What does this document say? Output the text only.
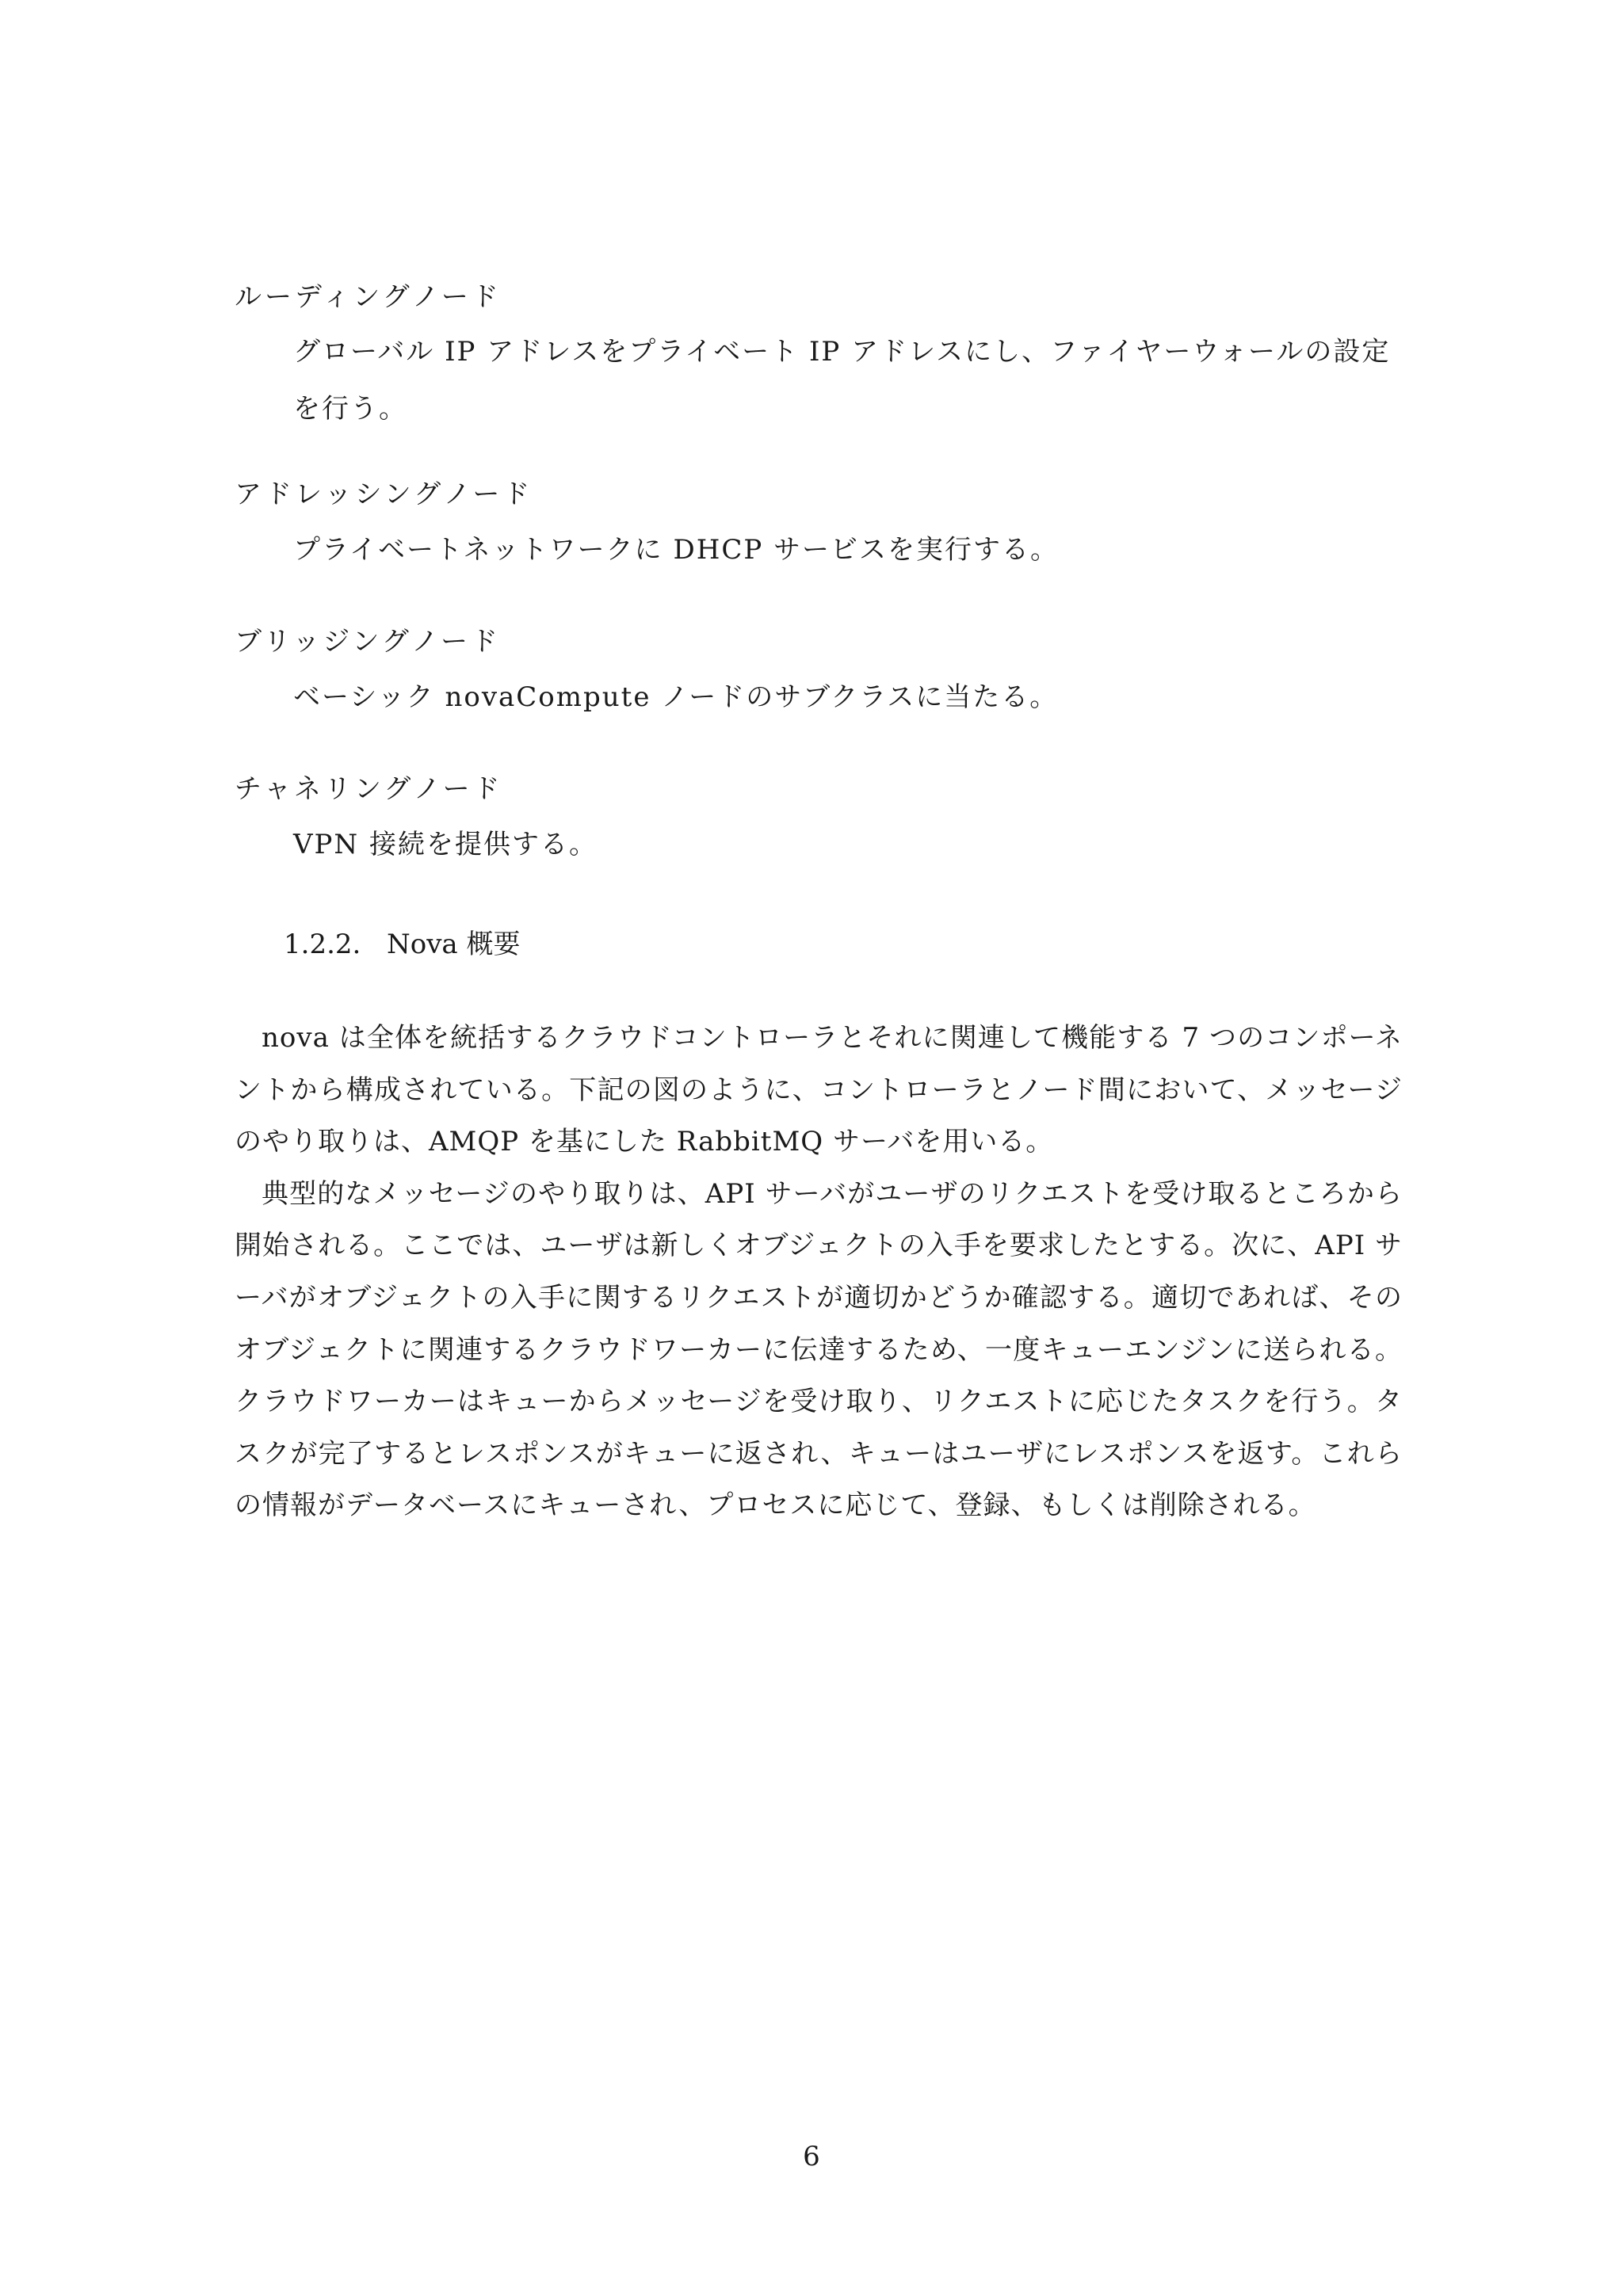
ルーディングノード
グローバル IP アドレスをプライベート IP アドレスにし、ファイヤーウォールの設定を行う。
アドレッシングノード
プライベートネットワークに DHCP サービスを実行する。
ブリッジングノード
ベーシック novaCompute ノードのサブクラスに当たる。
チャネリングノード
VPN 接続を提供する。
1.2.2. Nova 概要

nova は全体を統括するクラウドコントローラとそれに関連して機能する 7 つのコンポーネントから構成されている。下記の図のように、コントローラとノード間において、メッセージのやり取りは、AMQP を基にした RabbitMQ サーバを用いる。

典型的なメッセージのやり取りは、API サーバがユーザのリクエストを受け取るところから開始される。ここでは、ユーザは新しくオブジェクトの入手を要求したとする。次に、API サーバがオブジェクトの入手に関するリクエストが適切かどうか確認する。適切であれば、そのオブジェクトに関連するクラウドワーカーに伝達するため、一度キューエンジンに送られる。クラウドワーカーはキューからメッセージを受け取り、リクエストに応じたタスクを行う。タスクが完了するとレスポンスがキューに返され、キューはユーザにレスポンスを返す。これらの情報がデータベースにキューされ、プロセスに応じて、登録、もしくは削除される。

6
